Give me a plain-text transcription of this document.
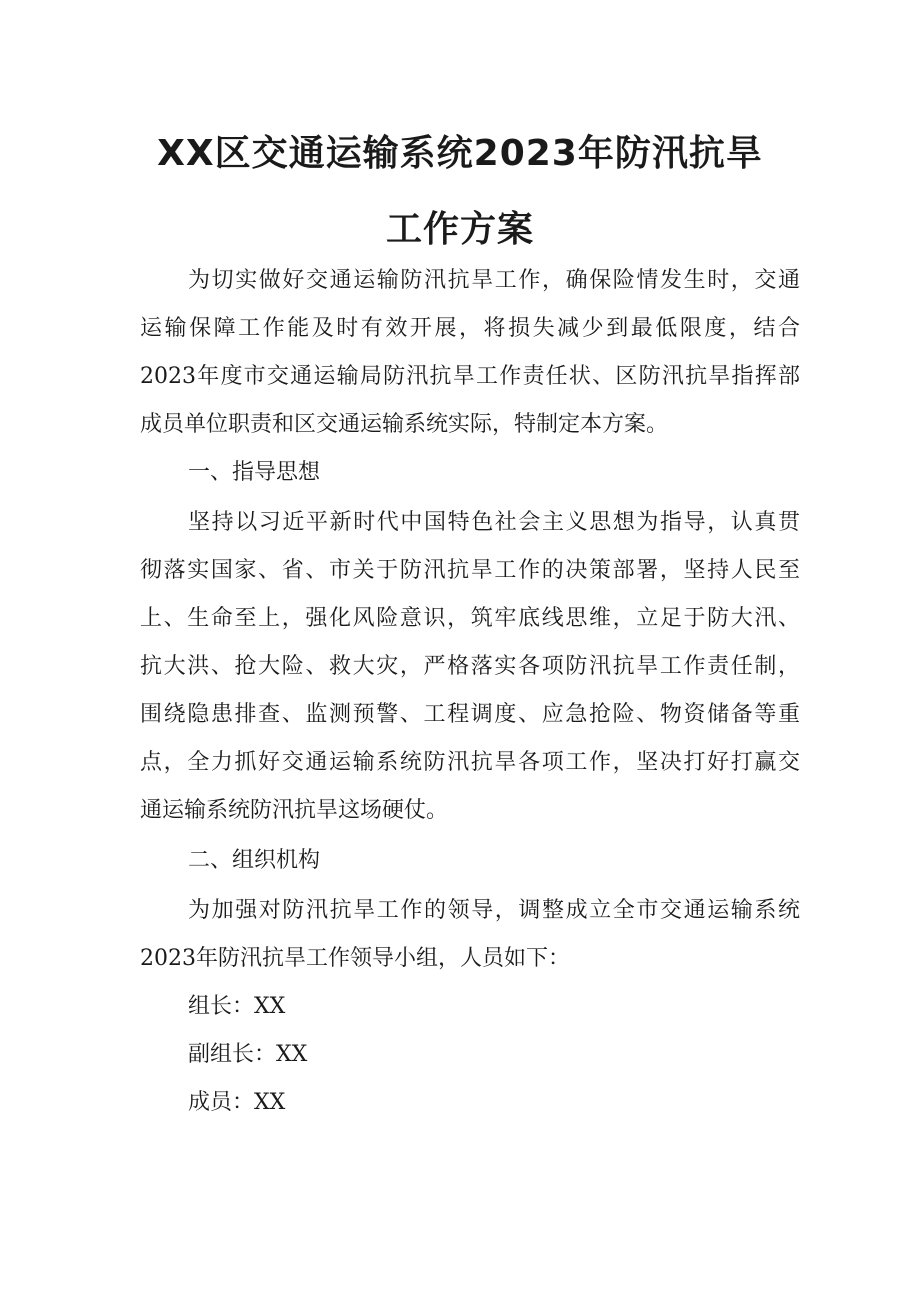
XX区交通运输系统2023年防汛抗旱
工作方案

为切实做好交通运输防汛抗旱工作，确保险情发生时，交通

运输保障工作能及时有效开展，将损失减少到最低限度，结合

2023年度市交通运输局防汛抗旱工作责任状、区防汛抗旱指挥部

成员单位职责和区交通运输系统实际，特制定本方案。

一、指导思想

坚持以习近平新时代中国特色社会主义思想为指导，认真贯

彻落实国家、省、市关于防汛抗旱工作的决策部署，坚持人民至

上、生命至上，强化风险意识，筑牢底线思维，立足于防大汛、

抗大洪、抢大险、救大灾，严格落实各项防汛抗旱工作责任制，

围绕隐患排查、监测预警、工程调度、应急抢险、物资储备等重

点，全力抓好交通运输系统防汛抗旱各项工作，坚决打好打赢交

通运输系统防汛抗旱这场硬仗。

二、组织机构

为加强对防汛抗旱工作的领导，调整成立全市交通运输系统

2023年防汛抗旱工作领导小组，人员如下：

组长：XX

副组长：XX

成员：XX
